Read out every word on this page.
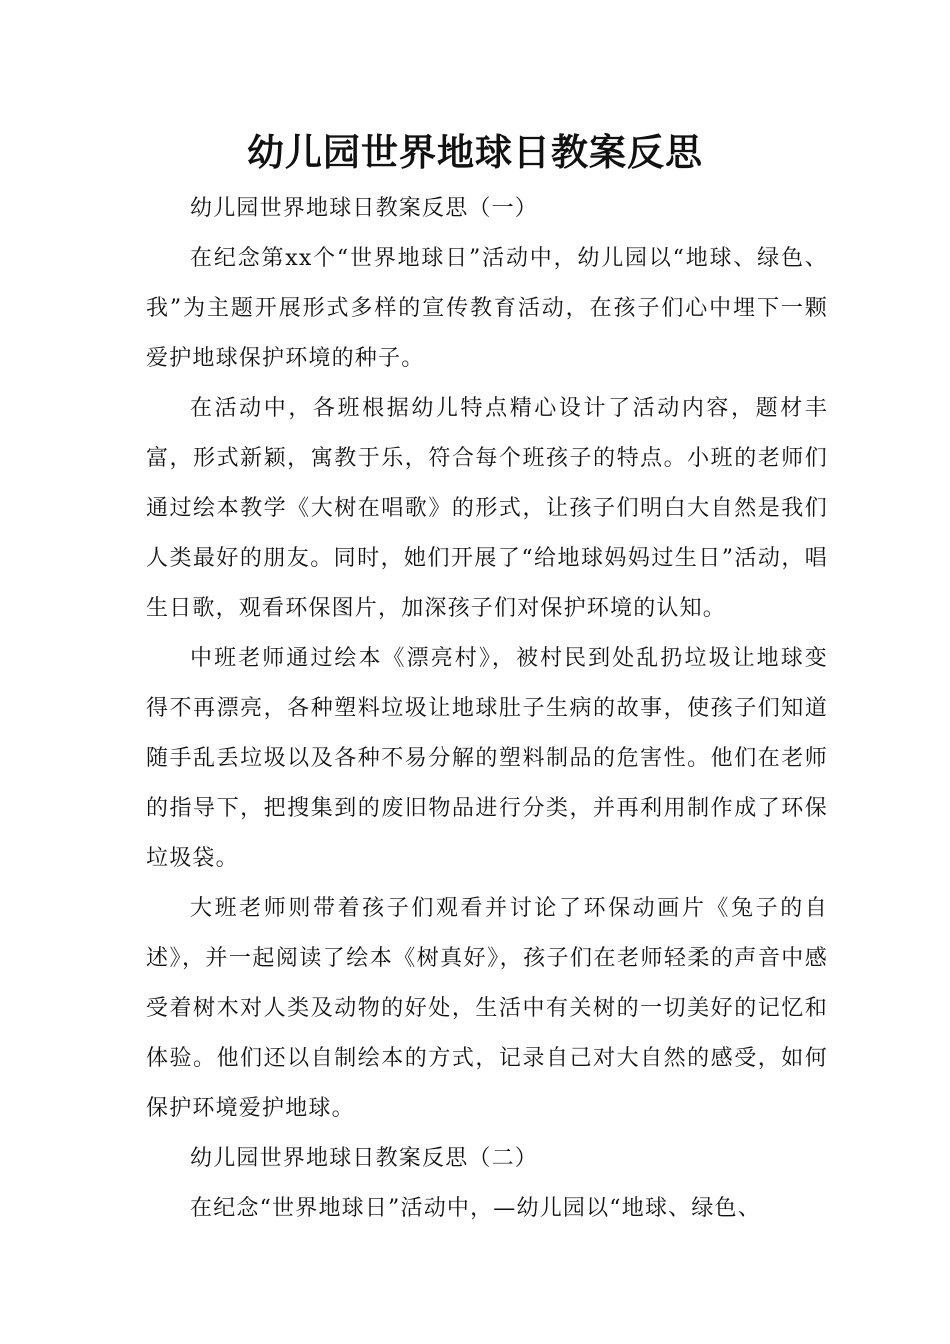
幼儿园世界地球日教案反思

幼儿园世界地球日教案反思（一）

在纪念第xx个“世界地球日”活动中，幼儿园以“地球、绿色、我”为主题开展形式多样的宣传教育活动，在孩子们心中埋下一颗爱护地球保护环境的种子。

在活动中，各班根据幼儿特点精心设计了活动内容，题材丰富，形式新颖，寓教于乐，符合每个班孩子的特点。小班的老师们通过绘本教学《大树在唱歌》的形式，让孩子们明白大自然是我们人类最好的朋友。同时，她们开展了“给地球妈妈过生日”活动，唱生日歌，观看环保图片，加深孩子们对保护环境的认知。

中班老师通过绘本《漂亮村》，被村民到处乱扔垃圾让地球变得不再漂亮，各种塑料垃圾让地球肚子生病的故事，使孩子们知道随手乱丢垃圾以及各种不易分解的塑料制品的危害性。他们在老师的指导下，把搜集到的废旧物品进行分类，并再利用制作成了环保垃圾袋。

大班老师则带着孩子们观看并讨论了环保动画片《兔子的自述》，并一起阅读了绘本《树真好》，孩子们在老师轻柔的声音中感受着树木对人类及动物的好处，生活中有关树的一切美好的记忆和体验。他们还以自制绘本的方式，记录自己对大自然的感受，如何保护环境爱护地球。

幼儿园世界地球日教案反思（二）

在纪念“世界地球日”活动中，—幼儿园以“地球、绿色、
